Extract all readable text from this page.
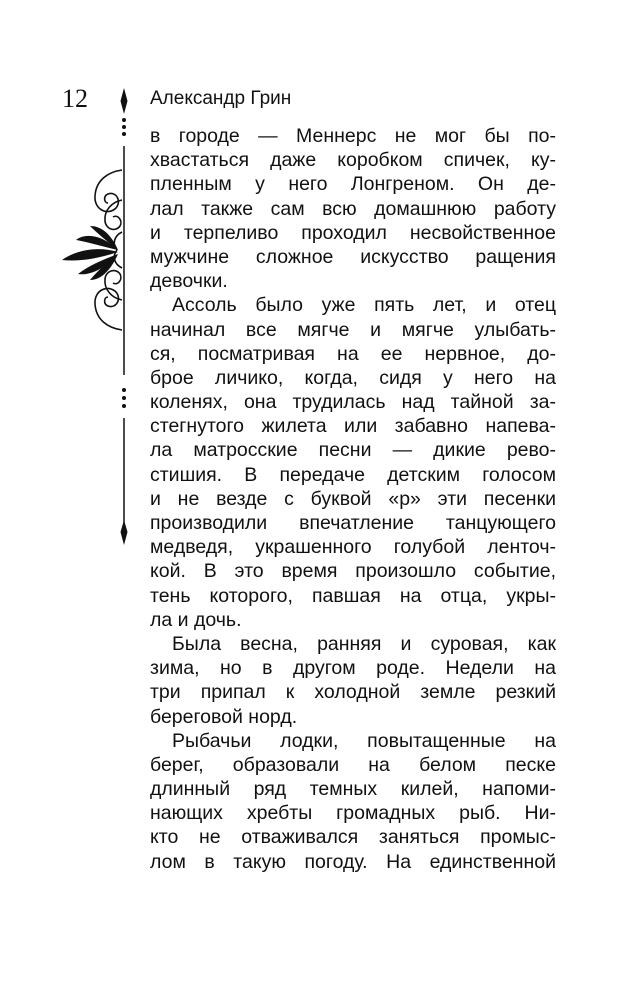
12	Александр Грин
в городе — Меннерс не мог бы по-
хвастаться даже коробком спичек, ку-
пленным у него Лонгреном. Он де-
лал также сам всю домашнюю работу
и терпеливо проходил несвойственное
мужчине сложное искусство ращения
девочки.
Ассоль было уже пять лет, и отец
начинал все мягче и мягче улыбать-
ся, посматривая на ее нервное, до-
брое личико, когда, сидя у него на
коленях, она трудилась над тайной за-
стегнутого жилета или забавно напева-
ла матросские песни — дикие рево-
стишия. В передаче детским голосом
и не везде с буквой «р» эти песенки
производили впечатление танцующего
медведя, украшенного голубой ленточ-
кой. В это время произошло событие,
тень которого, павшая на отца, укры-
ла и дочь.
Была весна, ранняя и суровая, как
зима, но в другом роде. Недели на
три припал к холодной земле резкий
береговой норд.
Рыбачьи лодки, повытащенные на
берег, образовали на белом песке
длинный ряд темных килей, напоми-
нающих хребты громадных рыб. Ни-
кто не отваживался заняться промыс-
лом в такую погоду. На единственной
